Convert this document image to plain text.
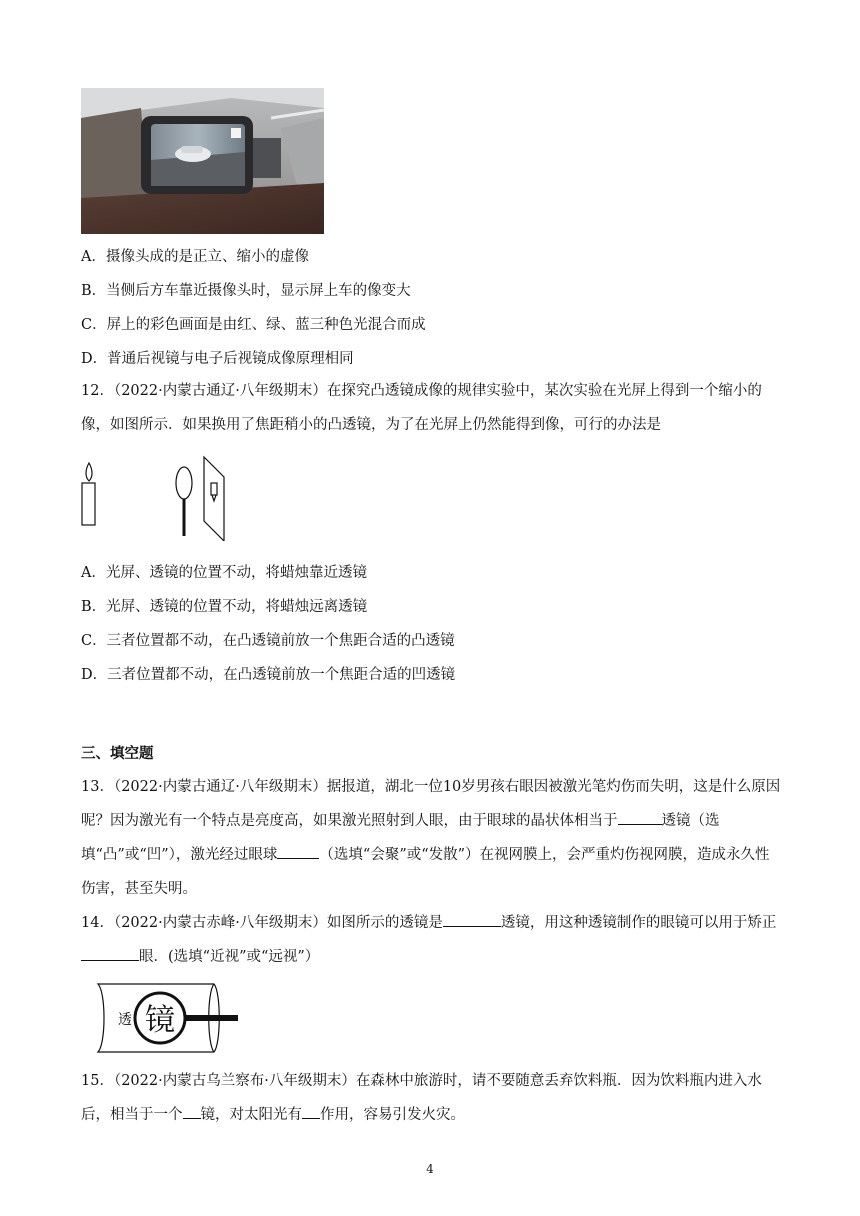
A．摄像头成的是正立、缩小的虚像
B．当侧后方车靠近摄像头时，显示屏上车的像变大
C．屏上的彩色画面是由红、绿、蓝三种色光混合而成
D．普通后视镜与电子后视镜成像原理相同
12．（2022·内蒙古通辽·八年级期末）在探究凸透镜成像的规律实验中，某次实验在光屏上得到一个缩小的像，如图所示．如果换用了焦距稍小的凸透镜，为了在光屏上仍然能得到像，可行的办法是
A．光屏、透镜的位置不动，将蜡烛靠近透镜
B．光屏、透镜的位置不动，将蜡烛远离透镜
C．三者位置都不动，在凸透镜前放一个焦距合适的凸透镜
D．三者位置都不动，在凸透镜前放一个焦距合适的凹透镜
三、填空题
13．（2022·内蒙古通辽·八年级期末）据报道，湖北一位10岁男孩右眼因被激光笔灼伤而失明，这是什么原因呢？因为激光有一个特点是亮度高，如果激光照射到人眼，由于眼球的晶状体相当于	透镜（选填“凸”或“凹”），激光经过眼球	（选填“会聚”或“发散”）在视网膜上，会严重灼伤视网膜，造成永久性伤害，甚至失明。
14．（2022·内蒙古赤峰·八年级期末）如图所示的透镜是	透镜，用这种透镜制作的眼镜可以用于矫正眼．(选填“近视”或“远视”）
透 镜
15．（2022·内蒙古乌兰察布·八年级期末）在森林中旅游时，请不要随意丢弃饮料瓶．因为饮料瓶内进入水后，相当于一个 镜，对太阳光有 作用，容易引发火灾。
4
